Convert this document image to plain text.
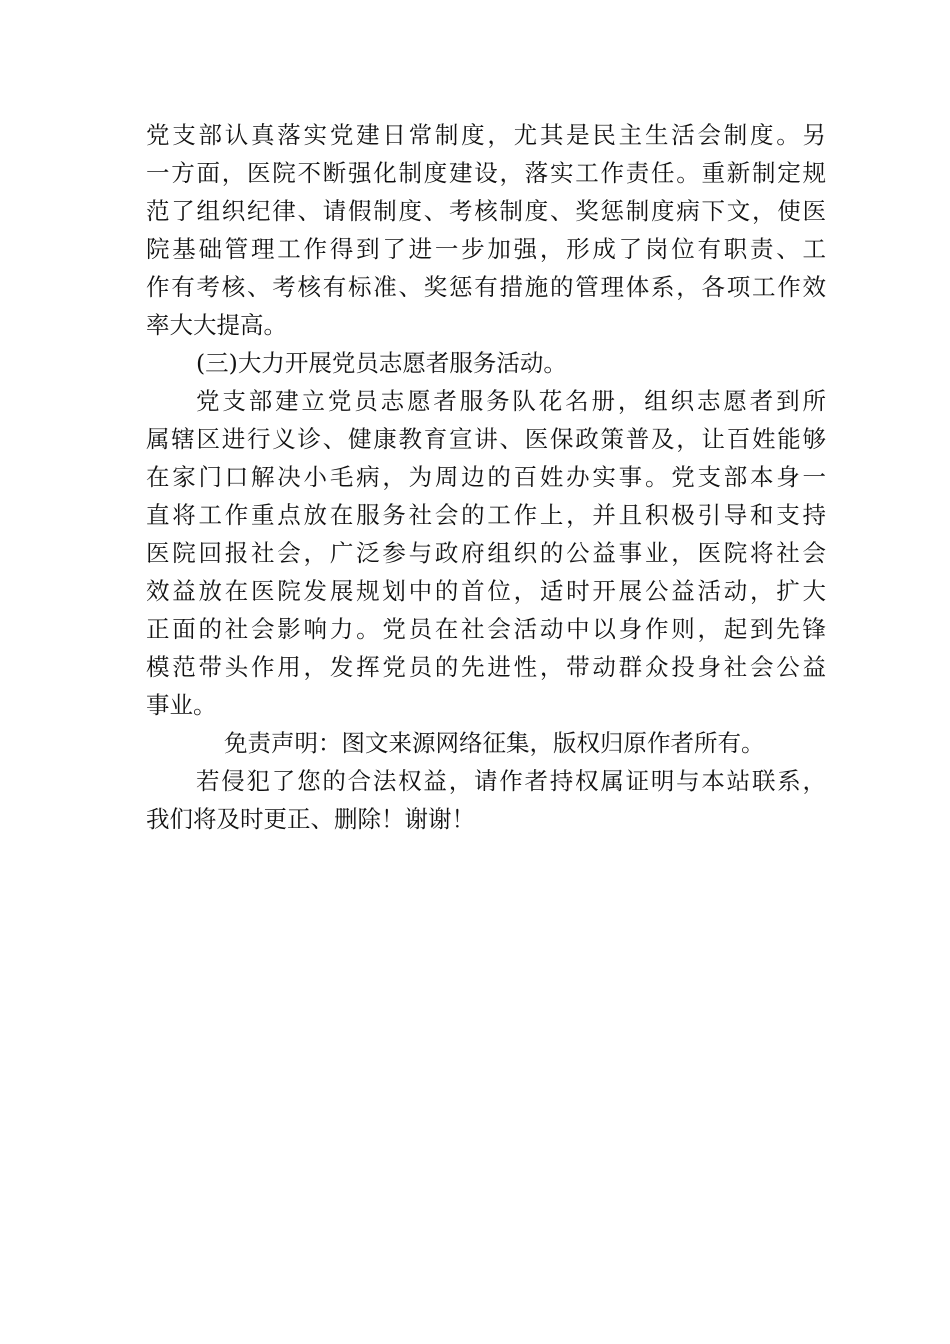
党支部认真落实党建日常制度，尤其是民主生活会制度。另
一方面，医院不断强化制度建设，落实工作责任。重新制定规
范了组织纪律、请假制度、考核制度、奖惩制度病下文，使医
院基础管理工作得到了进一步加强，形成了岗位有职责、工
作有考核、考核有标准、奖惩有措施的管理体系，各项工作效
率大大提高。
(三)大力开展党员志愿者服务活动。
党支部建立党员志愿者服务队花名册，组织志愿者到所
属辖区进行义诊、健康教育宣讲、医保政策普及，让百姓能够
在家门口解决小毛病，为周边的百姓办实事。党支部本身一
直将工作重点放在服务社会的工作上，并且积极引导和支持
医院回报社会，广泛参与政府组织的公益事业，医院将社会
效益放在医院发展规划中的首位，适时开展公益活动，扩大
正面的社会影响力。党员在社会活动中以身作则，起到先锋
模范带头作用，发挥党员的先进性，带动群众投身社会公益
事业。
免责声明：图文来源网络征集，版权归原作者所有。
若侵犯了您的合法权益，请作者持权属证明与本站联系，
我们将及时更正、删除！谢谢！
